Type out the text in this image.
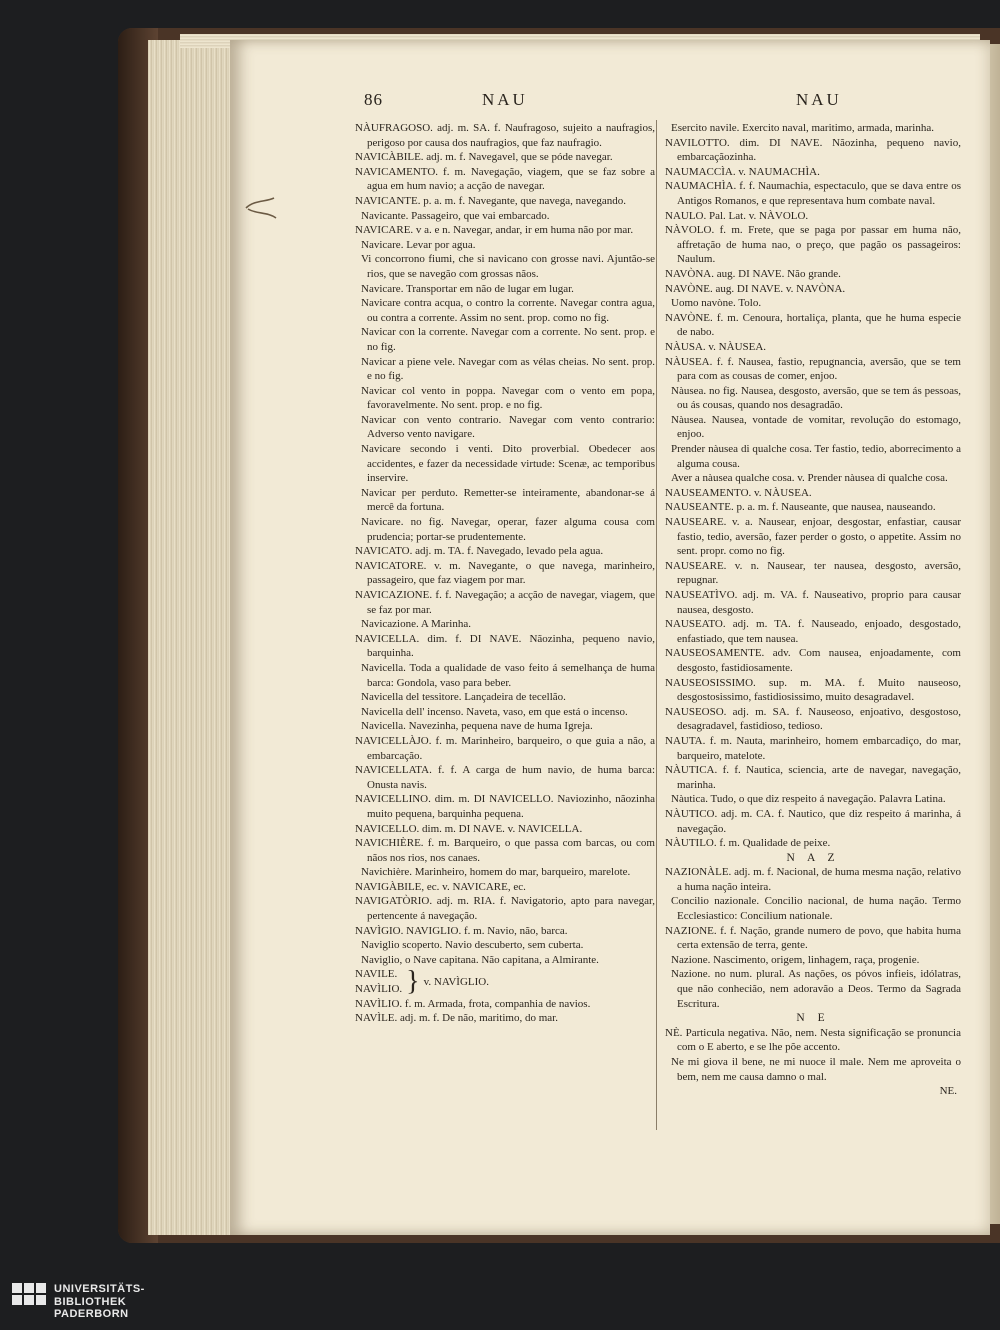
86	NAU	NAU
NÀUFRAGOSO. adj. m. SA. f. Naufragoso, sujeito a naufragios, perigoso por causa dos naufragios, que faz naufragio.
NAVICÀBILE. adj. m. f. Navegavel, que se póde navegar.
NAVICAMENTO. f. m. Navegação, viagem, que se faz sobre a agua em hum navio; a acção de navegar.
NAVICANTE. p. a. m. f. Navegante, que navega, navegando.
Navicante. Passageiro, que vai embarcado.
NAVICARE. v a. e n. Navegar, andar, ir em huma não por mar.
Navicare. Levar por agua.
Vi concorrono fiumi, che si navicano con grosse navi. Ajuntão-se rios, que se navegão com grossas nãos.
Navicare. Transportar em não de lugar em lugar.
Navicare contra acqua, o contro la corrente. Navegar contra agua, ou contra a corrente. Assim no sent. prop. como no fig.
Navicar con la corrente. Navegar com a corrente. No sent. prop. e no fig.
Navicar a piene vele. Navegar com as vélas cheias. No sent. prop. e no fig.
Navicar col vento in poppa. Navegar com o vento em popa, favoravelmente. No sent. prop. e no fig.
Navicar con vento contrario. Navegar com vento contrario: Adverso vento navigare.
Navicare secondo i venti. Dito proverbial. Obedecer aos accidentes, e fazer da necessidade virtude: Scenæ, ac temporibus inservire.
Navicar per perduto. Remetter-se inteiramente, abandonar-se á mercê da fortuna.
Navicare. no fig. Navegar, operar, fazer alguma cousa com prudencia; portar-se prudentemente.
NAVICATO. adj. m. TA. f. Navegado, levado pela agua.
NAVICATORE. v. m. Navegante, o que navega, marinheiro, passageiro, que faz viagem por mar.
NAVICAZIONE. f. f. Navegação; a acção de navegar, viagem, que se faz por mar.
Navicazione. A Marinha.
NAVICELLA. dim. f. DI NAVE. Nãozinha, pequeno navio, barquinha.
Navicella. Toda a qualidade de vaso feito á semelhança de huma barca: Gondola, vaso para beber.
Navicella del tessitore. Lançadeira de tecellão.
Navicella dell' incenso. Naveta, vaso, em que está o incenso.
Navicella. Navezinha, pequena nave de huma Igreja.
NAVICELLÀJO. f. m. Marinheiro, barqueiro, o que guia a não, a embarcação.
NAVICELLATA. f. f. A carga de hum navio, de huma barca: Onusta navis.
NAVICELLINO. dim. m. DI NAVICELLO. Naviozinho, nãozinha muito pequena, barquinha pequena.
NAVICELLO. dim. m. DI NAVE. v. NAVICELLA.
NAVICHIÈRE. f. m. Barqueiro, o que passa com barcas, ou com nãos nos rios, nos canaes.
Navichière. Marinheiro, homem do mar, barqueiro, marelote.
NAVIGÀBILE, ec. v. NAVICARE, ec.
NAVIGATÒRIO. adj. m. RIA. f. Navigatorio, apto para navegar, pertencente á navegação.
NAVÌGIO. NAVIGLIO. f. m. Navio, não, barca.
Naviglio scoperto. Navio descuberto, sem cuberta.
Naviglio, o Nave capitana. Não capitana, a Almirante.
NAVILE.
NAVÌLIO. } v. NAVÌGLIO.
NAVÌLIO. f. m. Armada, frota, companhia de navios.
NAVÌLE. adj. m. f. De não, maritimo, do mar.
Esercito navile. Exercito naval, maritimo, armada, marinha.
NAVILOTTO. dim. DI NAVE. Nãozinha, pequeno navio, embarcaçãozinha.
NAUMACCÌA. v. NAUMACHÌA.
NAUMACHÌA. f. f. Naumachia, espectaculo, que se dava entre os Antigos Romanos, e que representava hum combate naval.
NAULO. Pal. Lat. v. NÀVOLO.
NÀVOLO. f. m. Frete, que se paga por passar em huma não, affretação de huma nao, o preço, que pagão os passageiros: Naulum.
NAVÒNA. aug. DI NAVE. Não grande.
NAVÒNE. aug. DI NAVE. v. NAVÒNA.
Uomo navòne. Tolo.
NAVÒNE. f. m. Cenoura, hortaliça, planta, que he huma especie de nabo.
NÀUSA. v. NÀUSEA.
NÀUSEA. f. f. Nausea, fastio, repugnancia, aversão, que se tem para com as cousas de comer, enjoo.
Nàusea. no fig. Nausea, desgosto, aversão, que se tem ás pessoas, ou ás cousas, quando nos desagradão.
Nàusea. Nausea, vontade de vomitar, revolução do estomago, enjoo.
Prender nàusea di qualche cosa. Ter fastio, tedio, aborrecimento a alguma cousa.
Aver a nàusea qualche cosa. v. Prender nàusea di qualche cosa.
NAUSEAMENTO. v. NÀUSEA.
NAUSEANTE. p. a. m. f. Nauseante, que nausea, nauseando.
NAUSEARE. v. a. Nausear, enjoar, desgostar, enfastiar, causar fastio, tedio, aversão, fazer perder o gosto, o appetite. Assim no sent. propr. como no fig.
NAUSEARE. v. n. Nausear, ter nausea, desgosto, aversão, repugnar.
NAUSEATÌVO. adj. m. VA. f. Nauseativo, proprio para causar nausea, desgosto.
NAUSEATO. adj. m. TA. f. Nauseado, enjoado, desgostado, enfastiado, que tem nausea.
NAUSEOSAMENTE. adv. Com nausea, enjoadamente, com desgosto, fastidiosamente.
NAUSEOSISSIMO. sup. m. MA. f. Muito nauseoso, desgostosissimo, fastidiosissimo, muito desagradavel.
NAUSEOSO. adj. m. SA. f. Nauseoso, enjoativo, desgostoso, desagradavel, fastidioso, tedioso.
NAUTA. f. m. Nauta, marinheiro, homem embarcadiço, do mar, barqueiro, matelote.
NÀUTICA. f. f. Nautica, sciencia, arte de navegar, navegação, marinha.
Nàutica. Tudo, o que diz respeito á navegação. Palavra Latina.
NÀUTICO. adj. m. CA. f. Nautico, que diz respeito á marinha, á navegação.
NÀUTILO. f. m. Qualidade de peixe.
N A Z
NAZIONÀLE. adj. m. f. Nacional, de huma mesma nação, relativo a huma nação inteira.
Concilio nazionale. Concilio nacional, de huma nação. Termo Ecclesiastico: Concilium nationale.
NAZIONE. f. f. Nação, grande numero de povo, que habita huma certa extensão de terra, gente.
Nazione. Nascimento, origem, linhagem, raça, progenie.
Nazione. no num. plural. As nações, os póvos infieis, idólatras, que não conhecião, nem adoravão a Deos. Termo da Sagrada Escritura.
N E
NÈ. Particula negativa. Não, nem. Nesta significação se pronuncia com o E aberto, e se lhe põe accento.
Ne mi giova il bene, ne mi nuoce il male. Nem me aproveita o bem, nem me causa damno o mal.
NE.
UNIVERSITÄTS-
BIBLIOTHEK
PADERBORN
